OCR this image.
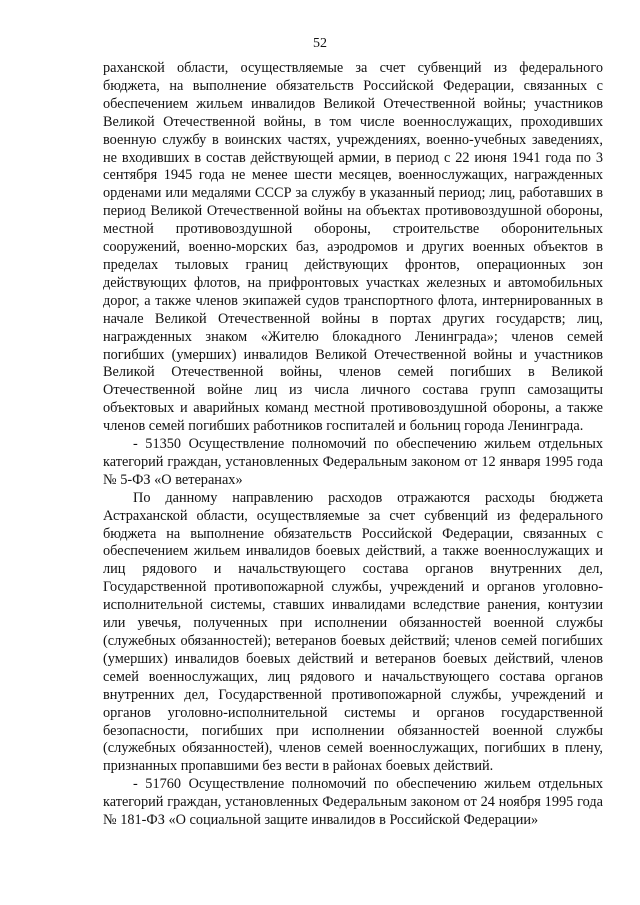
52

раханской области, осуществляемые за счет субвенций из федерального бюджета, на выполнение обязательств Российской Федерации, связанных с обеспечением жильем инвалидов Великой Отечественной войны; участников Великой Отечественной войны, в том числе военнослужащих, проходивших военную службу в воинских частях, учреждениях, военно-учебных заведениях, не входивших в состав действующей армии, в период с 22 июня 1941 года по 3 сентября 1945 года не менее шести месяцев, военнослужащих, награжденных орденами или медалями СССР за службу в указанный период; лиц, работавших в период Великой Отечественной войны на объектах противовоздушной обороны, местной противовоздушной обороны, строительстве оборонительных сооружений, военно-морских баз, аэродромов и других военных объектов в пределах тыловых границ действующих фронтов, операционных зон действующих флотов, на прифронтовых участках железных и автомобильных дорог, а также членов экипажей судов транспортного флота, интернированных в начале Великой Отечественной войны в портах других государств; лиц, награжденных знаком «Жителю блокадного Ленинграда»; членов семей погибших (умерших) инвалидов Великой Отечественной войны и участников Великой Отечественной войны, членов семей погибших в Великой Отечественной войне лиц из числа личного состава групп самозащиты объектовых и аварийных команд местной противовоздушной обороны, а также членов семей погибших работников госпиталей и больниц города Ленинграда.

- 51350 Осуществление полномочий по обеспечению жильем отдельных категорий граждан, установленных Федеральным законом от 12 января 1995 года № 5-ФЗ «О ветеранах»

По данному направлению расходов отражаются расходы бюджета Астраханской области, осуществляемые за счет субвенций из федерального бюджета на выполнение обязательств Российской Федерации, связанных с обеспечением жильем инвалидов боевых действий, а также военнослужащих и лиц рядового и начальствующего состава органов внутренних дел, Государственной противопожарной службы, учреждений и органов уголовно-исполнительной системы, ставших инвалидами вследствие ранения, контузии или увечья, полученных при исполнении обязанностей военной службы (служебных обязанностей); ветеранов боевых действий; членов семей погибших (умерших) инвалидов боевых действий и ветеранов боевых действий, членов семей военнослужащих, лиц рядового и начальствующего состава органов внутренних дел, Государственной противопожарной службы, учреждений и органов уголовно-исполнительной системы и органов государственной безопасности, погибших при исполнении обязанностей военной службы (служебных обязанностей), членов семей военнослужащих, погибших в плену, признанных пропавшими без вести в районах боевых действий.

- 51760 Осуществление полномочий по обеспечению жильем отдельных категорий граждан, установленных Федеральным законом от 24 ноября 1995 года № 181-ФЗ «О социальной защите инвалидов в Российской Федерации»
